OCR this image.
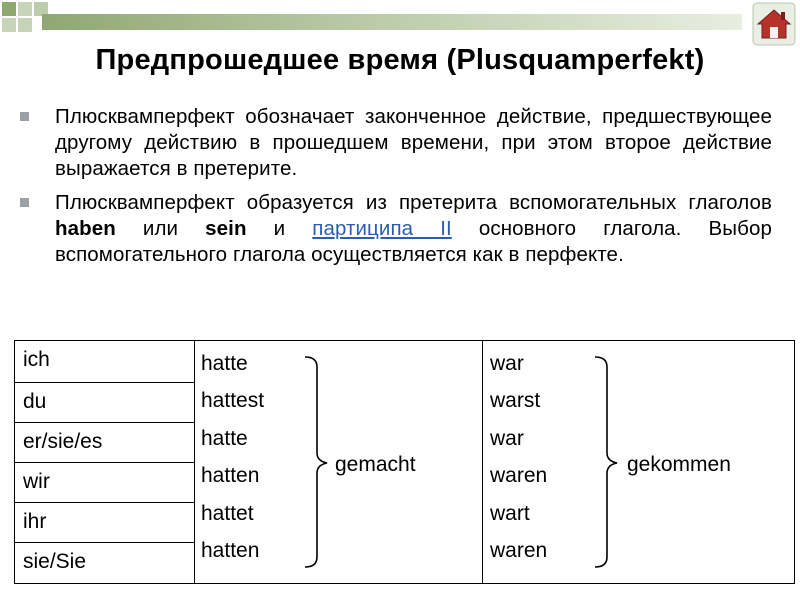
Предпрошедшее время (Plusquamperfekt)

Плюсквамперфект обозначает законченное действие, предшествующее другому действию в прошедшем времени, при этом второе действие выражается в претерите.

Плюсквамперфект образуется из претерита вспомогательных глаголов haben или sein и партиципа II основного глагола. Выбор вспомогательного глагола осуществляется как в перфекте.

ich
du
er/sie/es
wir
ihr
sie/Sie
hatte
hattest
hatte
hatten
hattet
hatten
gemacht
war
warst
war
waren
wart
waren
gekommen
